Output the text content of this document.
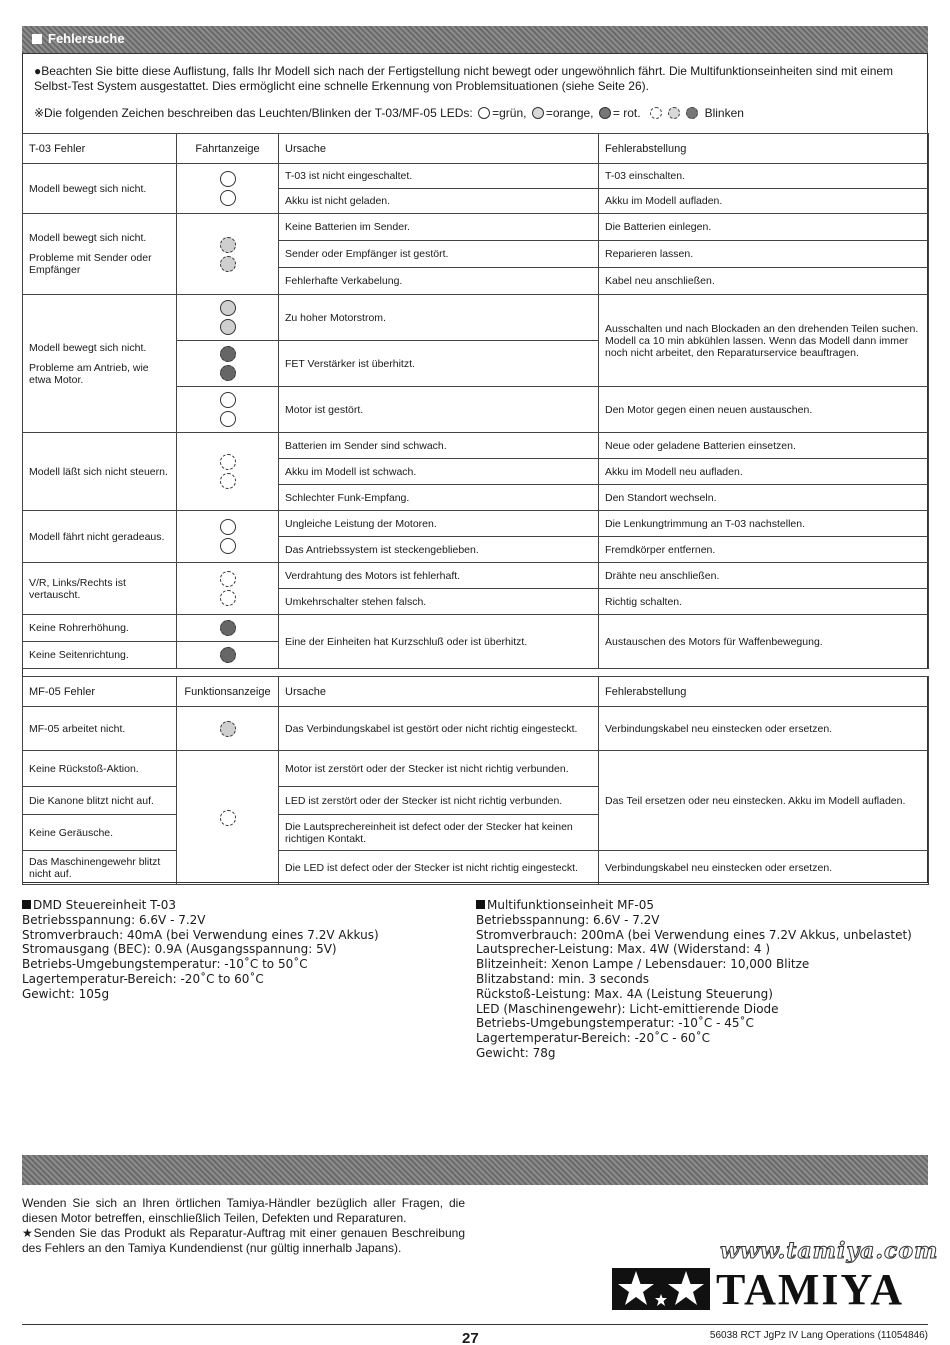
Fehlersuche
●Beachten Sie bitte diese Auflistung, falls Ihr Modell sich nach der Fertigstellung nicht bewegt oder ungewöhnlich fährt. Die Multifunktionseinheiten sind mit einem Selbst-Test System ausgestattet. Dies ermöglicht eine schnelle Erkennung von Problemsituationen (siehe Seite 26).
※Die folgenden Zeichen beschreiben das Leuchten/Blinken der T-03/MF-05 LEDs: =grün, =orange, = rot.	Blinken
T-03 Fehler	Fahrtanzeige	Ursache	Fehlerabstellung
Modell bewegt sich nicht.		T-03 ist nicht eingeschaltet.	T-03 einschalten.
		Akku ist nicht geladen.	Akku im Modell aufladen.

Modell bewegt sich nicht.
Probleme mit Sender oder Empfänger		Keine Batterien im Sender.	Die Batterien einlegen.
		Sender oder Empfänger ist gestört.	Reparieren lassen.
		Fehlerhafte Verkabelung.	Kabel neu anschließen.

Modell bewegt sich nicht.
Probleme am Antrieb, wie etwa Motor.		Zu hoher Motorstrom.	Ausschalten und nach Blockaden an den drehenden Teilen suchen. Modell ca 10 min abkühlen lassen. Wenn das Modell dann immer noch nicht arbeitet, den Reparaturservice beauftragen.

		FET Verstärker ist überhitzt.	

		Motor ist gestört.	Den Motor gegen einen neuen austauschen.
Modell läßt sich nicht steuern.		Batterien im Sender sind schwach.	Neue oder geladene Batterien einsetzen.
		Akku im Modell ist schwach.	Akku im Modell neu aufladen.
		Schlechter Funk-Empfang.	Den Standort wechseln.
Modell fährt nicht geradeaus.		Ungleiche Leistung der Motoren.	Die Lenkungtrimmung an T-03 nachstellen.
		Das Antriebssystem ist steckengeblieben.	Fremdkörper entfernen.
V/R, Links/Rechts ist vertauscht.		Verdrahtung des Motors ist fehlerhaft.	Drähte neu anschließen.
		Umkehrschalter stehen falsch.	Richtig schalten.
Keine Rohrerhöhung.		Eine der Einheiten hat Kurzschluß oder ist überhitzt.	Austauschen des Motors für Waffenbewegung.
Keine Seitenrichtung.			

MF-05 Fehler	Funktionsanzeige	Ursache	Fehlerabstellung
MF-05 arbeitet nicht.		Das Verbindungskabel ist gestört oder nicht richtig eingesteckt.	Verbindungskabel neu einstecken oder ersetzen.
Keine Rückstoß-Aktion.		Motor ist zerstört oder der Stecker ist nicht richtig verbunden.	Das Teil ersetzen oder neu einstecken. Akku im Modell aufladen.
Die Kanone blitzt nicht auf.		LED ist zerstört oder der Stecker ist nicht richtig verbunden.	
Keine Geräusche.		Die Lautsprechereinheit ist defect oder der Stecker hat keinen richtigen Kontakt.	
Das Maschinengewehr blitzt nicht auf.		Die LED ist defect oder der Stecker ist nicht richtig eingesteckt.	Verbindungskabel neu einstecken oder ersetzen.
DMD Steuereinheit T-03
Betriebsspannung: 6.6V - 7.2V
Stromverbrauch: 40mA (bei Verwendung eines 7.2V Akkus)
Stromausgang (BEC): 0.9A (Ausgangsspannung: 5V)
Betriebs-Umgebungstemperatur: -10˚C to 50˚C
Lagertemperatur-Bereich: -20˚C to 60˚C
Gewicht: 105g
Multifunktionseinheit MF-05
Betriebsspannung: 6.6V - 7.2V
Stromverbrauch: 200mA (bei Verwendung eines 7.2V Akkus, unbelastet)
Lautsprecher-Leistung: Max. 4W (Widerstand: 4 )
Blitzeinheit: Xenon Lampe / Lebensdauer: 10,000 Blitze
Blitzabstand: min. 3 seconds
Rückstoß-Leistung: Max. 4A (Leistung Steuerung)
LED (Maschinengewehr): Licht-emittierende Diode
Betriebs-Umgebungstemperatur: -10˚C - 45˚C
Lagertemperatur-Bereich: -20˚C - 60˚C
Gewicht: 78g
Wenden Sie sich an Ihren örtlichen Tamiya-Händler bezüglich aller Fragen, die diesen Motor betreffen, einschließlich Teilen, Defekten und Reparaturen.
★Senden Sie das Produkt als Reparatur-Auftrag mit einer genauen Beschreibung des Fehlers an den Tamiya Kundendienst (nur gültig innerhalb Japans).	www.tamiya.com
TAMIYA
27	56038 RCT JgPz IV Lang Operations (11054846)
